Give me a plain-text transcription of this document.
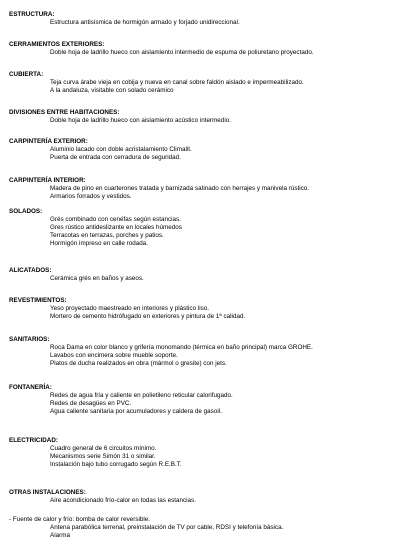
ESTRUCTURA:
Estructura antisísmica de hormigón armado y forjado unidireccional.
CERRAMIENTOS EXTERIORES:
Doble hoja de ladrillo hueco con aislamiento intermedio de espuma de poliuretano proyectado.
CUBIERTA:
Teja curva árabe vieja en cobija y nueva en canal sobre faldón aislado e impermeabilizado.
A la andaluza, visitable con solado cerámico
DIVISIONES ENTRE HABITACIONES:
Doble hoja de ladrillo hueco con aislamiento acústico intermedio.
CARPINTERÍA EXTERIOR:
Aluminio lacado con doble acristalamiento Climalit.
Puerta de entrada con cerradura de seguridad.
CARPINTERÍA INTERIOR:
Madera de pino en cuarterones tratada y barnizada satinado con herrajes y manivela rústico.
Armarios forrados y vestidos.
SOLADOS:
Grés combinado con cenéfas según estancias.
Gres rústico antideslizante en locales húmedos
Terracotas en terrazas, porches y patios.
Hormigón impreso en calle rodada.
ALICATADOS:
Cerámica grés en baños y aseos.
REVESTIMIENTOS:
Yeso proyectado maestreado en interiores y plástico liso.
Mortero de cemento hidrófugado en exteriores y pintura de 1ª calidad.
SANITARIOS:
Roca Dama en color blanco y grifería monomando (térmica en baño principal) marca GROHE.
Lavabos con encimera sobre mueble soporte.
Platos de ducha realizados en obra (mármol o gresite) con jets.
FONTANERÍA:
Redes de agua fría y caliente en polietileno reticular calorifugado.
Redes de desagües en PVC.
Agua caliente sanitaria por acumuladores y caldera de gasoil.
ELECTRICIDAD:
Cuadro general de 6 circuitos mínimo.
Mecanismos serie Simón 31 o similar.
Instalación bajo tubo corrugado según R.E.B.T.
OTRAS INSTALACIONES:
Aire acondicionado frío-calor en todas las estancias.
- Fuente de calor y frío: bomba de calor reversible.
Antena parabólica terrenal, preinstalación de TV por cable, RDSI y telefonía básica.
Alarma
